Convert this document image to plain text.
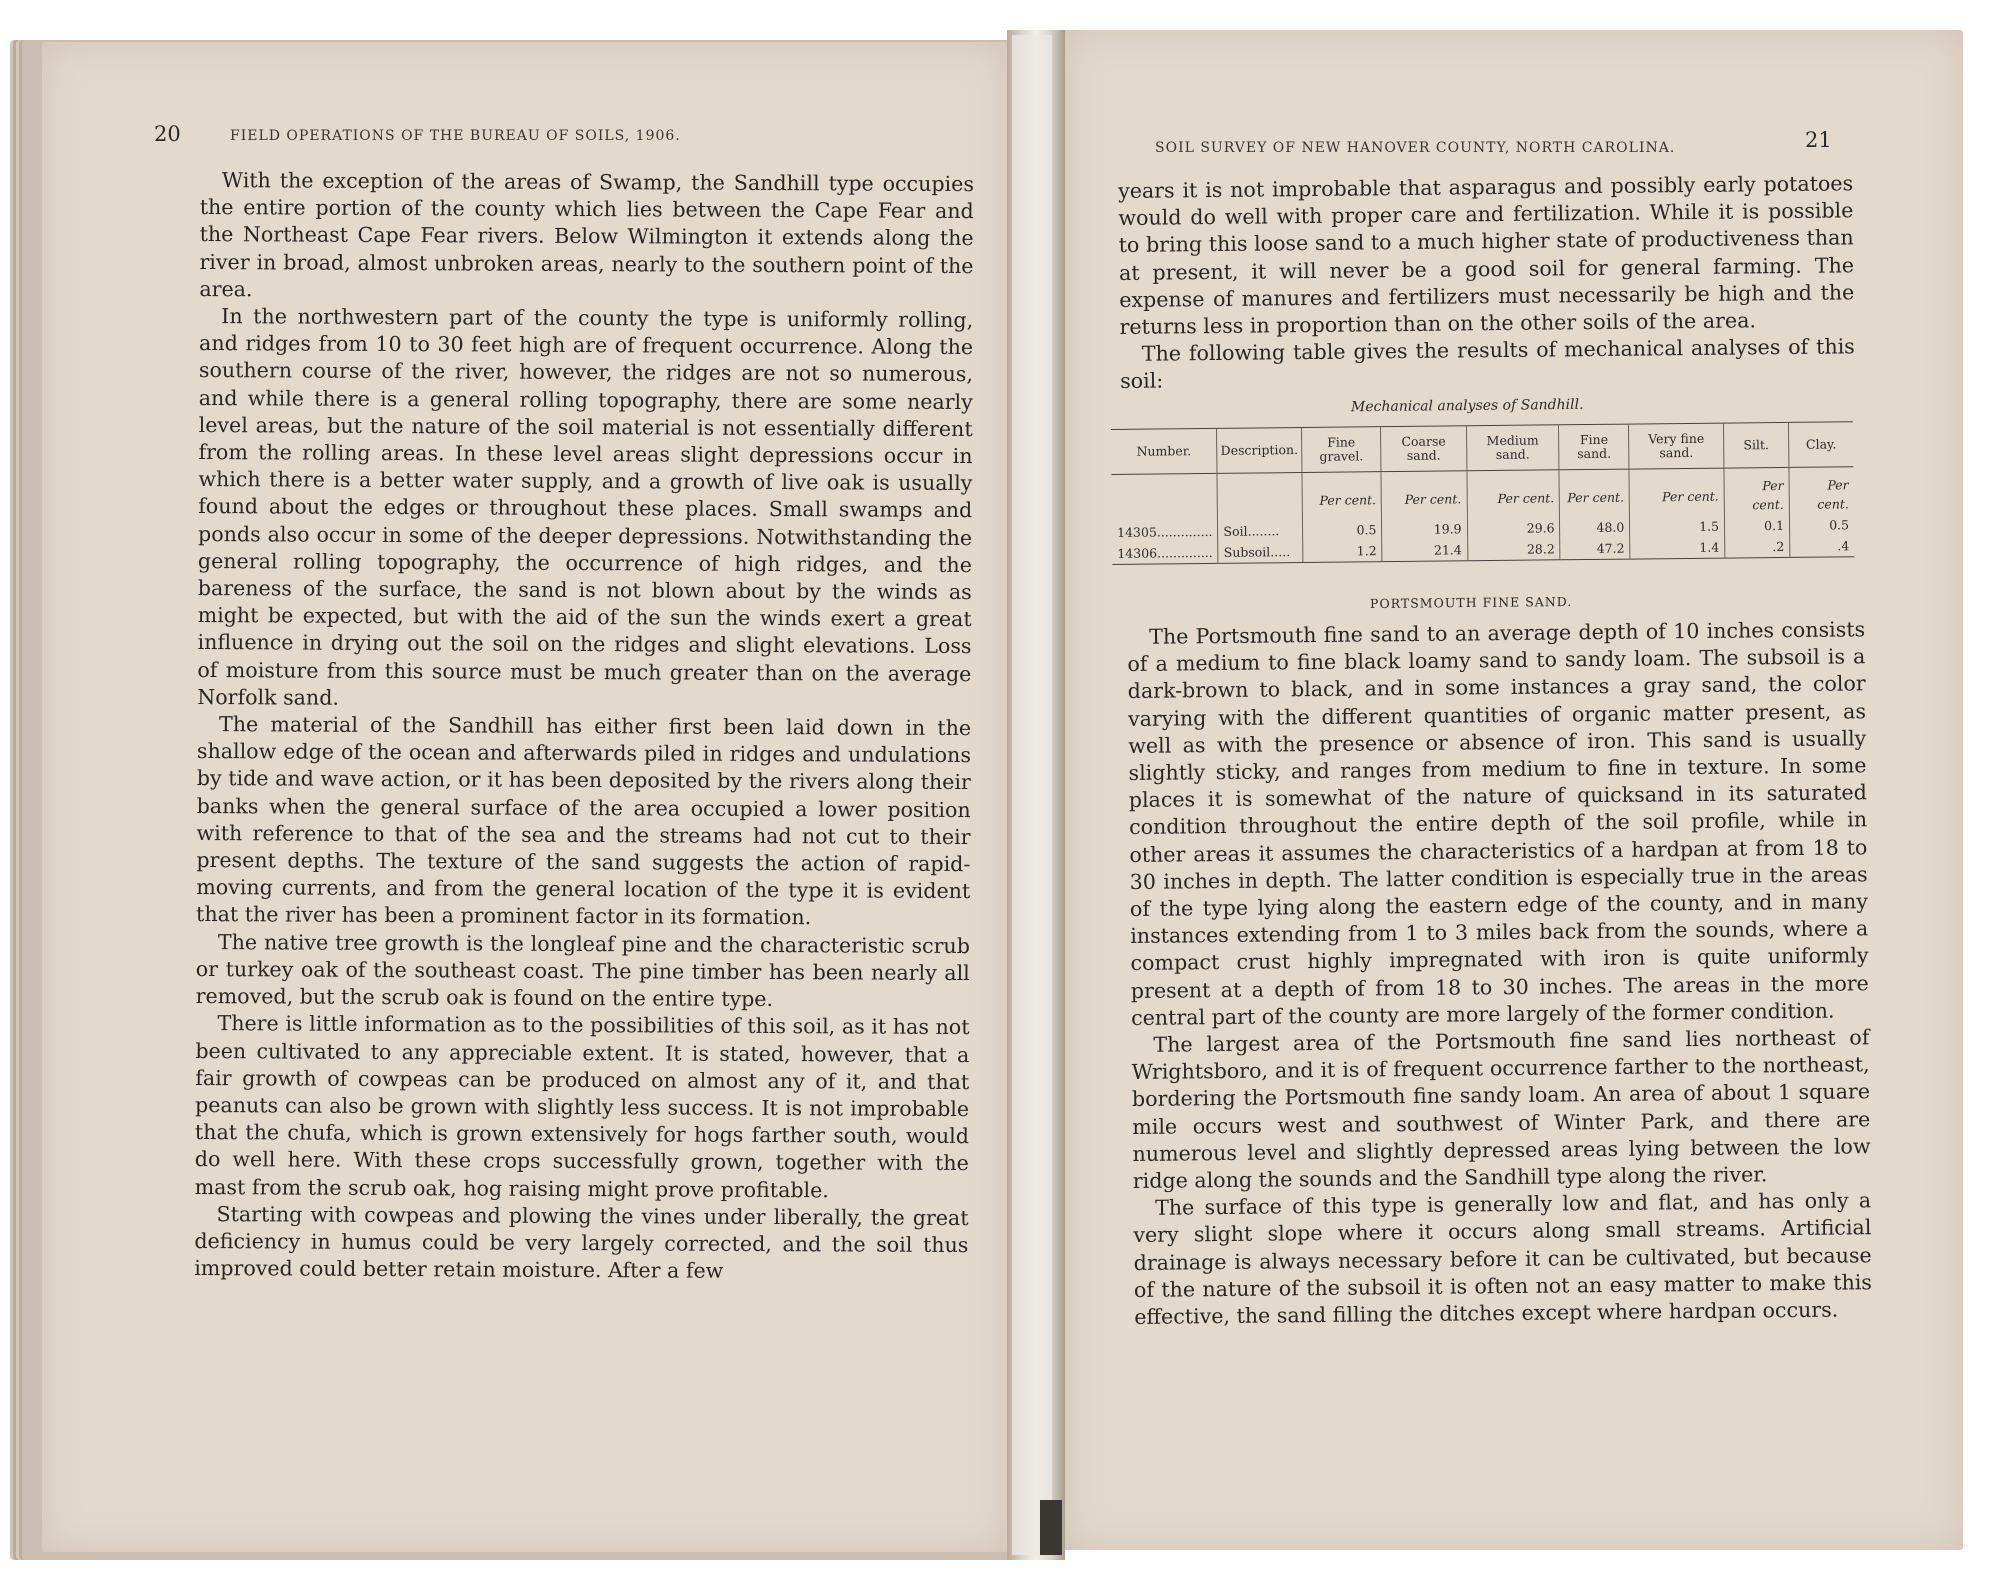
20	FIELD OPERATIONS OF THE BUREAU OF SOILS, 1906.

With the exception of the areas of Swamp, the Sandhill type occupies the entire portion of the county which lies between the Cape Fear and the Northeast Cape Fear rivers. Below Wilmington it extends along the river in broad, almost unbroken areas, nearly to the southern point of the area.

In the northwestern part of the county the type is uniformly rolling, and ridges from 10 to 30 feet high are of frequent occurrence. Along the southern course of the river, however, the ridges are not so numerous, and while there is a general rolling topography, there are some nearly level areas, but the nature of the soil material is not essentially different from the rolling areas. In these level areas slight depressions occur in which there is a better water supply, and a growth of live oak is usually found about the edges or throughout these places. Small swamps and ponds also occur in some of the deeper depressions. Notwithstanding the general rolling topography, the occurrence of high ridges, and the bareness of the surface, the sand is not blown about by the winds as might be expected, but with the aid of the sun the winds exert a great influence in drying out the soil on the ridges and slight elevations. Loss of moisture from this source must be much greater than on the average Norfolk sand.

The material of the Sandhill has either first been laid down in the shallow edge of the ocean and afterwards piled in ridges and undulations by tide and wave action, or it has been deposited by the rivers along their banks when the general surface of the area occupied a lower position with reference to that of the sea and the streams had not cut to their present depths. The texture of the sand suggests the action of rapid-moving currents, and from the general location of the type it is evident that the river has been a prominent factor in its formation.

The native tree growth is the longleaf pine and the characteristic scrub or turkey oak of the southeast coast. The pine timber has been nearly all removed, but the scrub oak is found on the entire type.

There is little information as to the possibilities of this soil, as it has not been cultivated to any appreciable extent. It is stated, however, that a fair growth of cowpeas can be produced on almost any of it, and that peanuts can also be grown with slightly less success. It is not improbable that the chufa, which is grown extensively for hogs farther south, would do well here. With these crops successfully grown, together with the mast from the scrub oak, hog raising might prove profitable.

Starting with cowpeas and plowing the vines under liberally, the great deficiency in humus could be very largely corrected, and the soil thus improved could better retain moisture. After a few

SOIL SURVEY OF NEW HANOVER COUNTY, NORTH CAROLINA.	21

years it is not improbable that asparagus and possibly early potatoes would do well with proper care and fertilization. While it is possible to bring this loose sand to a much higher state of productiveness than at present, it will never be a good soil for general farming. The expense of manures and fertilizers must necessarily be high and the returns less in proportion than on the other soils of the area.

The following table gives the results of mechanical analyses of this soil:

Mechanical analyses of Sandhill.
Number.	Description.	Fine gravel.	Coarse sand.	Medium sand.	Fine sand.	Very fine sand.	Silt.	Clay.
		Per cent.	Per cent.	Per cent.	Per cent.	Per cent.	Per cent.	Per cent.
14305..............	Soil........	0.5	19.9	29.6	48.0	1.5	0.1	0.5
14306..............	Subsoil.....	1.2	21.4	28.2	47.2	1.4	.2	.4
PORTSMOUTH FINE SAND.

The Portsmouth fine sand to an average depth of 10 inches consists of a medium to fine black loamy sand to sandy loam. The subsoil is a dark-brown to black, and in some instances a gray sand, the color varying with the different quantities of organic matter present, as well as with the presence or absence of iron. This sand is usually slightly sticky, and ranges from medium to fine in texture. In some places it is somewhat of the nature of quicksand in its saturated condition throughout the entire depth of the soil profile, while in other areas it assumes the characteristics of a hardpan at from 18 to 30 inches in depth. The latter condition is especially true in the areas of the type lying along the eastern edge of the county, and in many instances extending from 1 to 3 miles back from the sounds, where a compact crust highly impregnated with iron is quite uniformly present at a depth of from 18 to 30 inches. The areas in the more central part of the county are more largely of the former condition.

The largest area of the Portsmouth fine sand lies northeast of Wrightsboro, and it is of frequent occurrence farther to the northeast, bordering the Portsmouth fine sandy loam. An area of about 1 square mile occurs west and southwest of Winter Park, and there are numerous level and slightly depressed areas lying between the low ridge along the sounds and the Sandhill type along the river.

The surface of this type is generally low and flat, and has only a very slight slope where it occurs along small streams. Artificial drainage is always necessary before it can be cultivated, but because of the nature of the subsoil it is often not an easy matter to make this effective, the sand filling the ditches except where hardpan occurs.
